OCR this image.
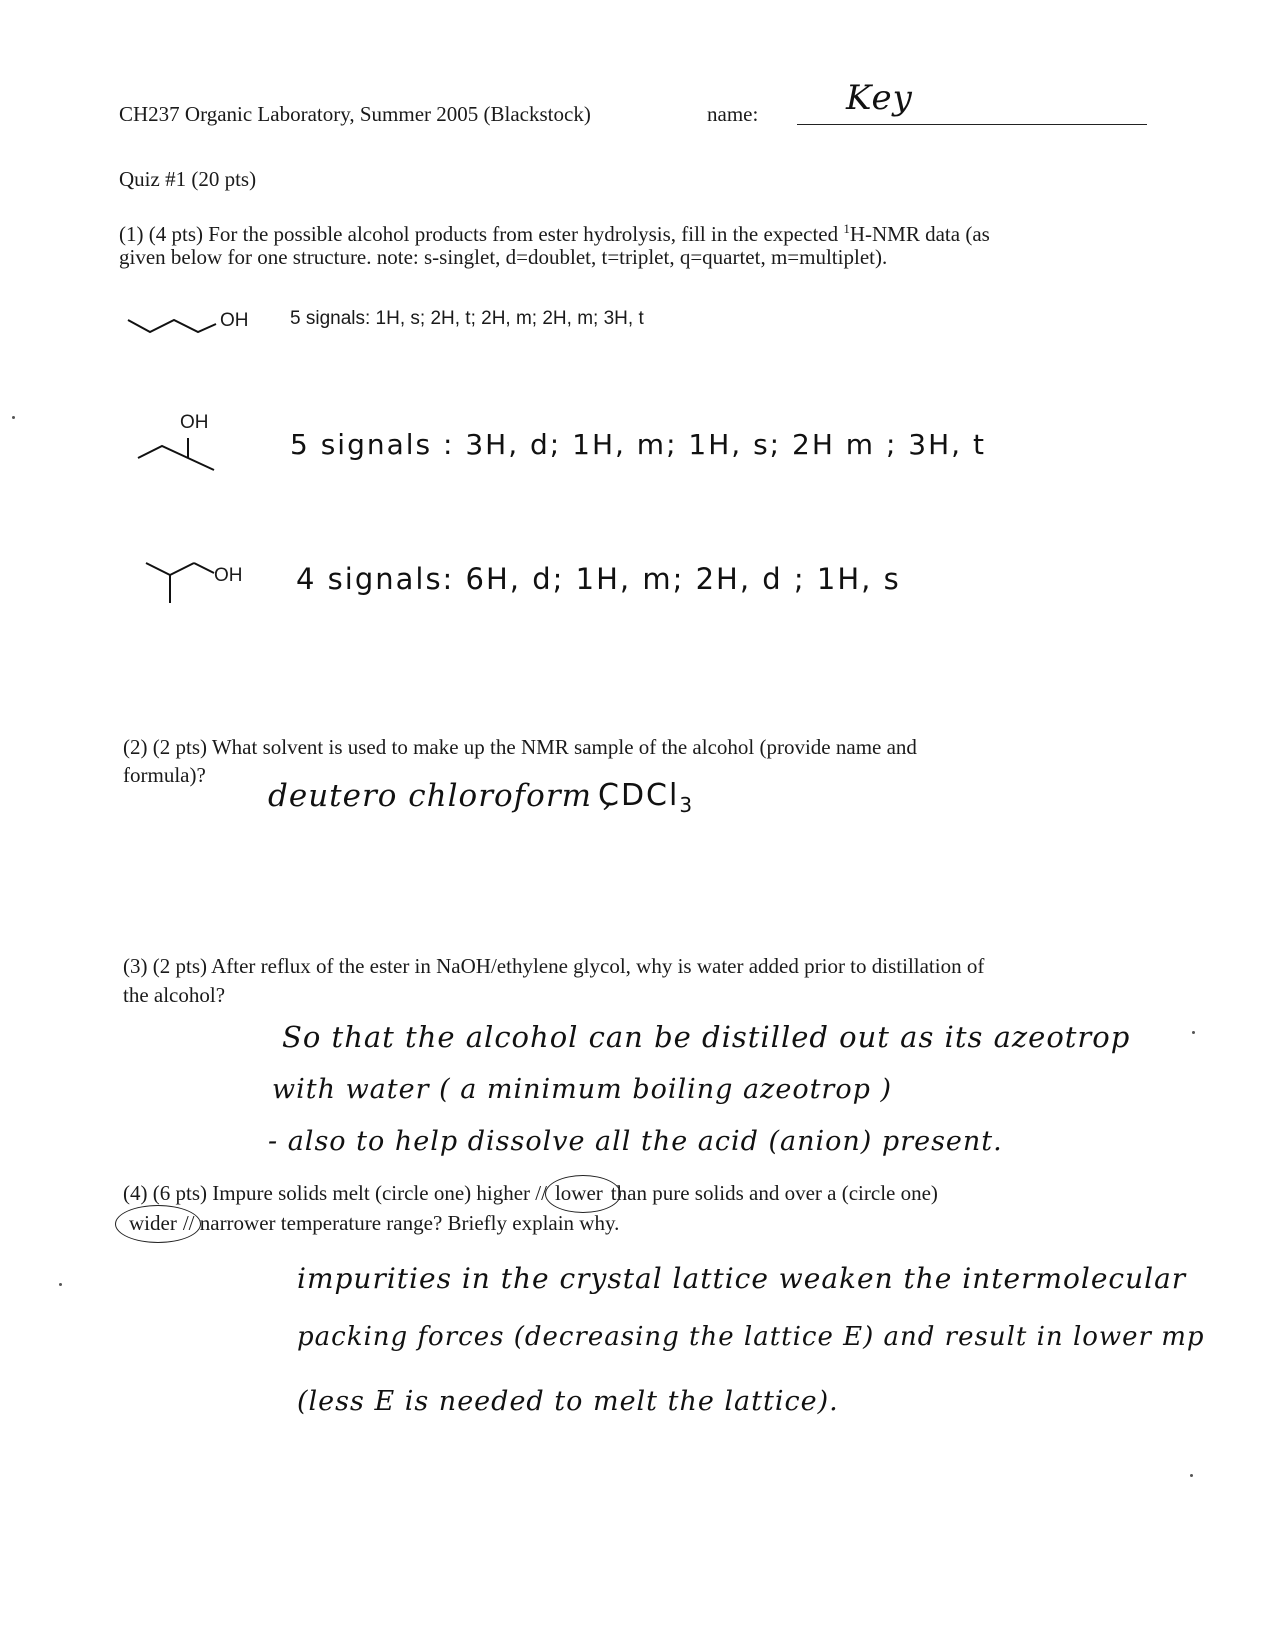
CH237 Organic Laboratory, Summer 2005 (Blackstock)	name:	Key
Quiz #1 (20 pts)
(1) (4 pts) For the possible alcohol products from ester hydrolysis, fill in the expected $^1$H-NMR data (as
given below for one structure. note: s-singlet, d=doublet, t=triplet, q=quartet, m=multiplet).
OH 5 signals: 1H, s; 2H, t; 2H, m; 2H, m; 3H, t
OH
5 signals : 3H, d; 1H, m; 1H, s; 2H m ; 3H, t
OH 4 signals: 6H, d; 1H, m; 2H, d ; 1H, s
(2) (2 pts) What solvent is used to make up the NMR sample of the alcohol (provide name and
formula)?
deutero chloroform ,
CDCl$_3$
(3) (2 pts) After reflux of the ester in NaOH/ethylene glycol, why is water added prior to distillation of
the alcohol?
So that the alcohol can be distilled out as its azeotrop
with water ( a minimum boiling azeotrop )
- also to help dissolve all the acid (anion) present.
(4) (6 pts) Impure solids melt (circle one) higher // lower than pure solids and over a (circle one)
wider // narrower temperature range? Briefly explain why.
impurities in the crystal lattice weaken the intermolecular
packing forces (decreasing the lattice E) and result in lower mp
(less E is needed to melt the lattice).
